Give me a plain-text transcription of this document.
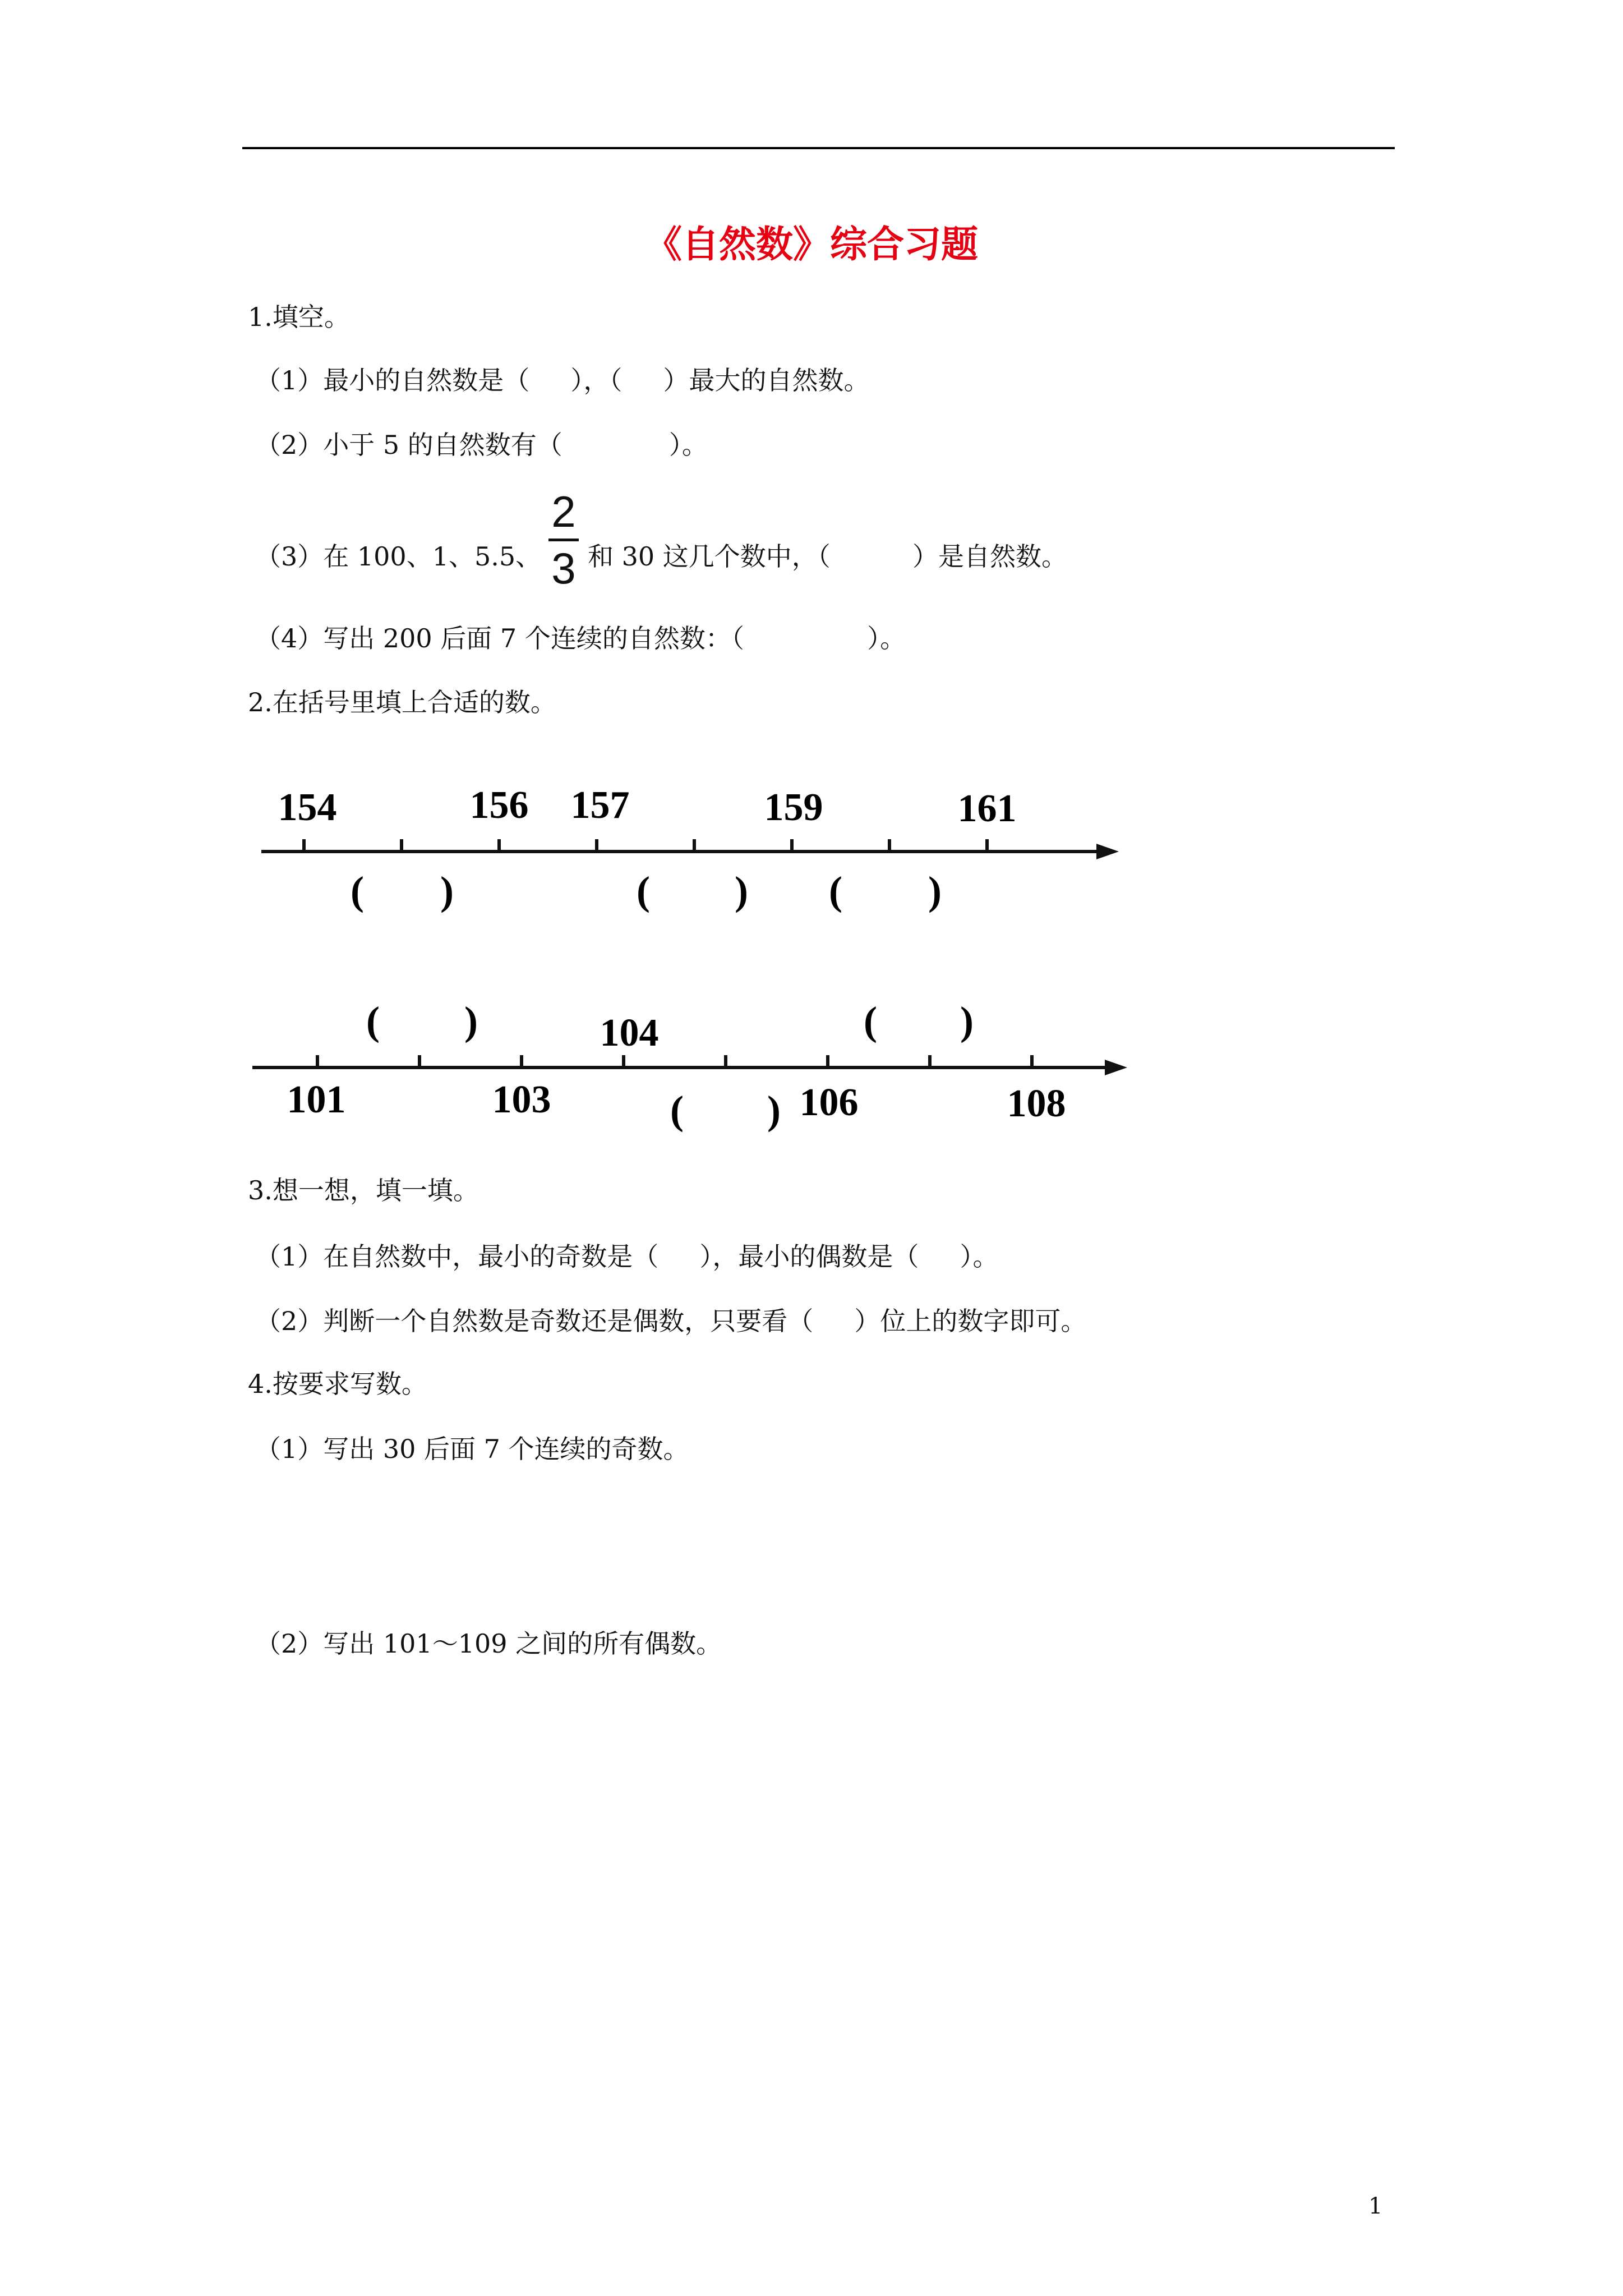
《自然数》综合习题
1.填空。
（1）最小的自然数是（     ），（     ）最大的自然数。
（2）小于 5 的自然数有（             ）。
（3）在 100、1、5.5、
2
3 和 30 这几个数中，（          ）是自然数。
（4）写出 200 后面 7 个连续的自然数：（               ）。
2.在括号里填上合适的数。
154	156 157	159	161
( )	( ) ( )
101	103
104
106	108
( )
( )
( )
3.想一想，填一填。
（1）在自然数中，最小的奇数是（     ），最小的偶数是（     ）。
（2）判断一个自然数是奇数还是偶数，只要看（     ）位上的数字即可。
4.按要求写数。
（1）写出 30 后面 7 个连续的奇数。
（2）写出 101～109 之间的所有偶数。
1
